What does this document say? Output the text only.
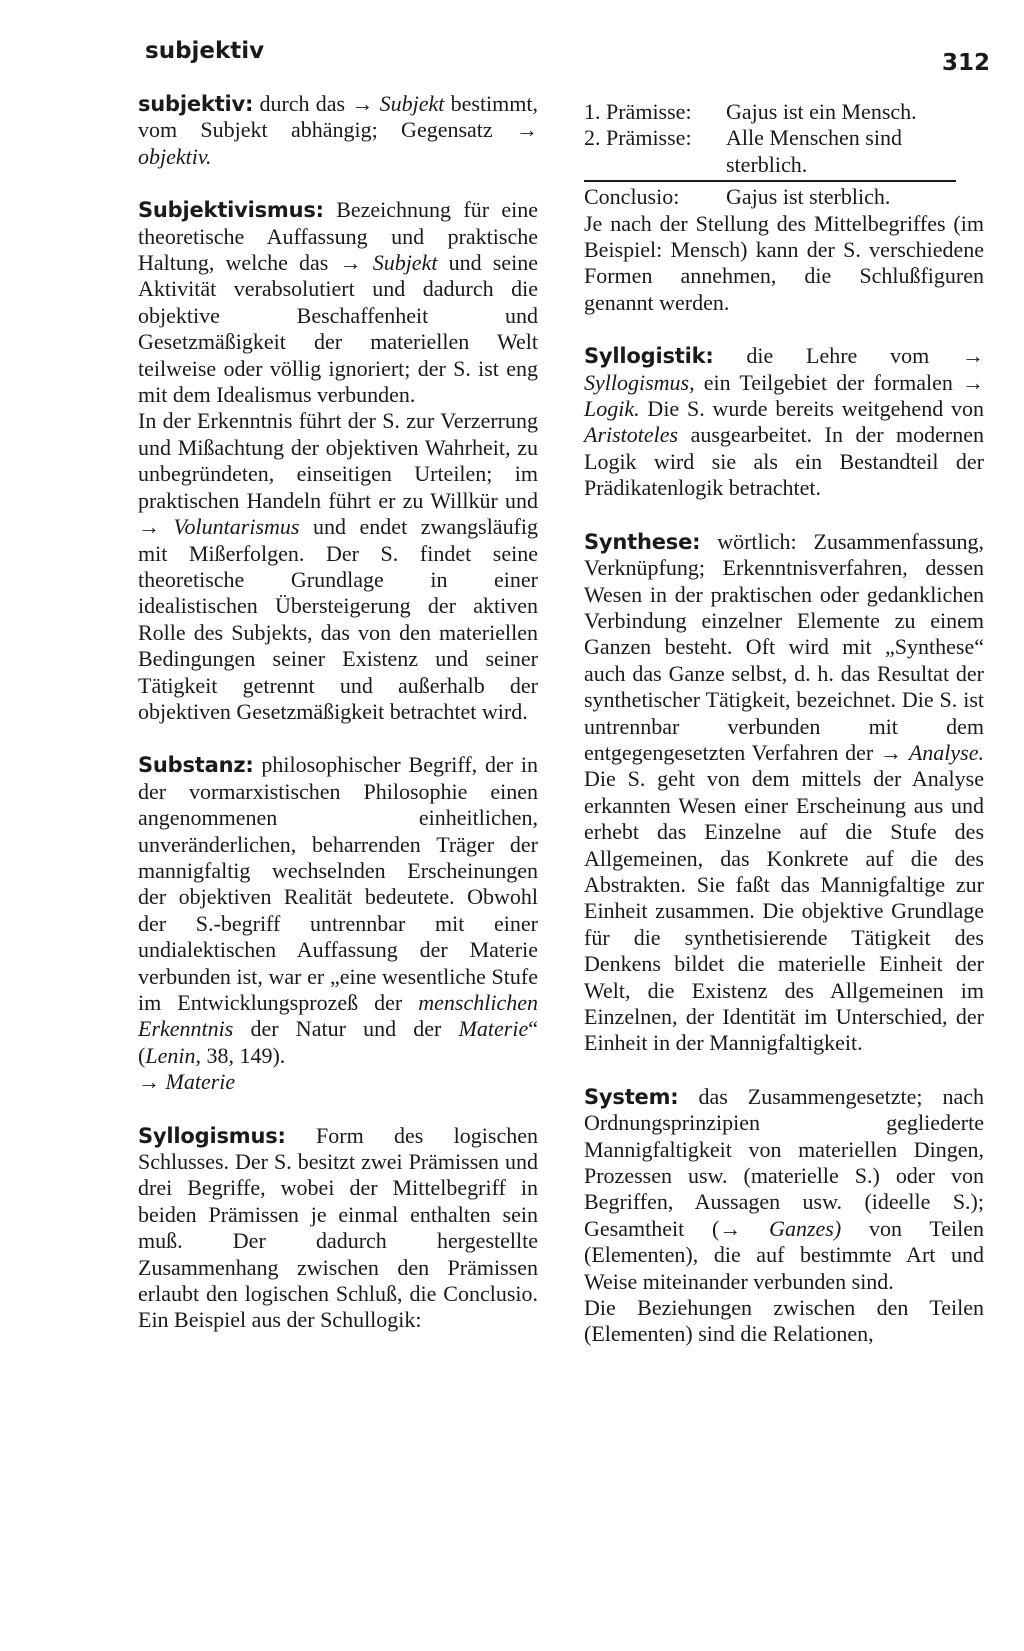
subjektiv	312

subjektiv: durch das → Subjekt bestimmt, vom Subjekt abhängig; Gegensatz → objektiv.

Subjektivismus: Bezeichnung für eine theoretische Auffassung und praktische Haltung, welche das → Subjekt und seine Aktivität verabsolutiert und dadurch die objektive Beschaffenheit und Gesetzmäßigkeit der materiellen Welt teilweise oder völlig ignoriert; der S. ist eng mit dem Idealismus verbunden.

In der Erkenntnis führt der S. zur Verzerrung und Mißachtung der objektiven Wahrheit, zu unbegründeten, einseitigen Urteilen; im praktischen Handeln führt er zu Willkür und → Voluntarismus und endet zwangsläufig mit Mißerfolgen. Der S. findet seine theoretische Grundlage in einer idealistischen Übersteigerung der aktiven Rolle des Subjekts, das von den materiellen Bedingungen seiner Existenz und seiner Tätigkeit getrennt und außerhalb der objektiven Gesetzmäßigkeit betrachtet wird.

Substanz: philosophischer Begriff, der in der vormarxistischen Philosophie einen angenommenen einheitlichen, unveränderlichen, beharrenden Träger der mannigfaltig wechselnden Erscheinungen der objektiven Realität bedeutete. Obwohl der S.-begriff untrennbar mit einer undialektischen Auffassung der Materie verbunden ist, war er „eine wesentliche Stufe im Entwicklungsprozeß der menschlichen Erkenntnis der Natur und der Materie“ (Lenin, 38, 149).
→ Materie

Syllogismus: Form des logischen Schlusses. Der S. besitzt zwei Prämissen und drei Begriffe, wobei der Mittelbegriff in beiden Prämissen je einmal enthalten sein muß. Der dadurch hergestellte Zusammenhang zwischen den Prämissen erlaubt den logischen Schluß, die Conclusio. Ein Beispiel aus der Schullogik:

1. Prämisse:	Gajus ist ein Mensch.
2. Prämisse:	Alle Menschen sind sterblich.
Conclusio:	Gajus ist sterblich.

Je nach der Stellung des Mittelbegriffes (im Beispiel: Mensch) kann der S. verschiedene Formen annehmen, die Schlußfiguren genannt werden.

Syllogistik: die Lehre vom → Syllogismus, ein Teilgebiet der formalen → Logik. Die S. wurde bereits weitgehend von Aristoteles ausgearbeitet. In der modernen Logik wird sie als ein Bestandteil der Prädikatenlogik betrachtet.

Synthese: wörtlich: Zusammenfassung, Verknüpfung; Erkenntnisverfahren, dessen Wesen in der praktischen oder gedanklichen Verbindung einzelner Elemente zu einem Ganzen besteht. Oft wird mit „Synthese“ auch das Ganze selbst, d. h. das Resultat der synthetischer Tätigkeit, bezeichnet. Die S. ist untrennbar verbunden mit dem entgegengesetzten Verfahren der → Analyse. Die S. geht von dem mittels der Analyse erkannten Wesen einer Erscheinung aus und erhebt das Einzelne auf die Stufe des Allgemeinen, das Konkrete auf die des Abstrakten. Sie faßt das Mannigfaltige zur Einheit zusammen. Die objektive Grundlage für die synthetisierende Tätigkeit des Denkens bildet die materielle Einheit der Welt, die Existenz des Allgemeinen im Einzelnen, der Identität im Unterschied, der Einheit in der Mannigfaltigkeit.

System: das Zusammengesetzte; nach Ordnungsprinzipien gegliederte Mannigfaltigkeit von materiellen Dingen, Prozessen usw. (materielle S.) oder von Begriffen, Aussagen usw. (ideelle S.); Gesamtheit (→ Ganzes) von Teilen (Elementen), die auf bestimmte Art und Weise miteinander verbunden sind.

Die Beziehungen zwischen den Teilen (Elementen) sind die Relationen,
